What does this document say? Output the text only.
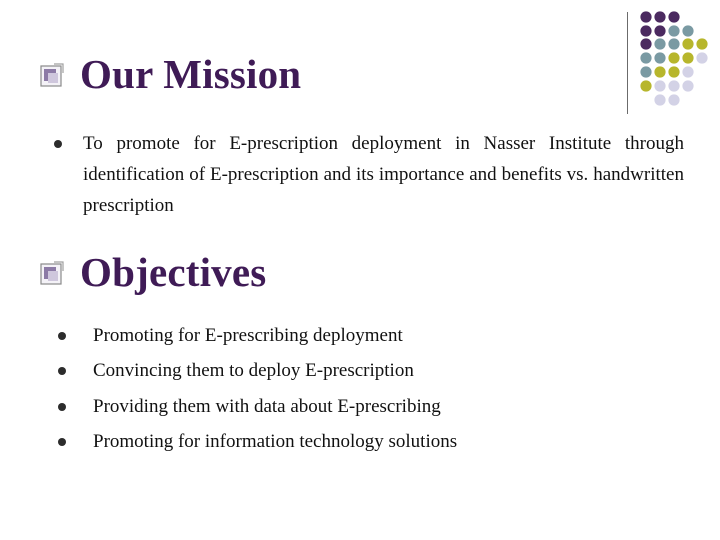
Our Mission
To promote for E-prescription deployment in Nasser Institute through identification of E-prescription and its importance and benefits vs. handwritten prescription
Objectives
Promoting for E-prescribing deployment
Convincing them to deploy E-prescription
Providing them with data about E-prescribing
Promoting for information technology solutions
